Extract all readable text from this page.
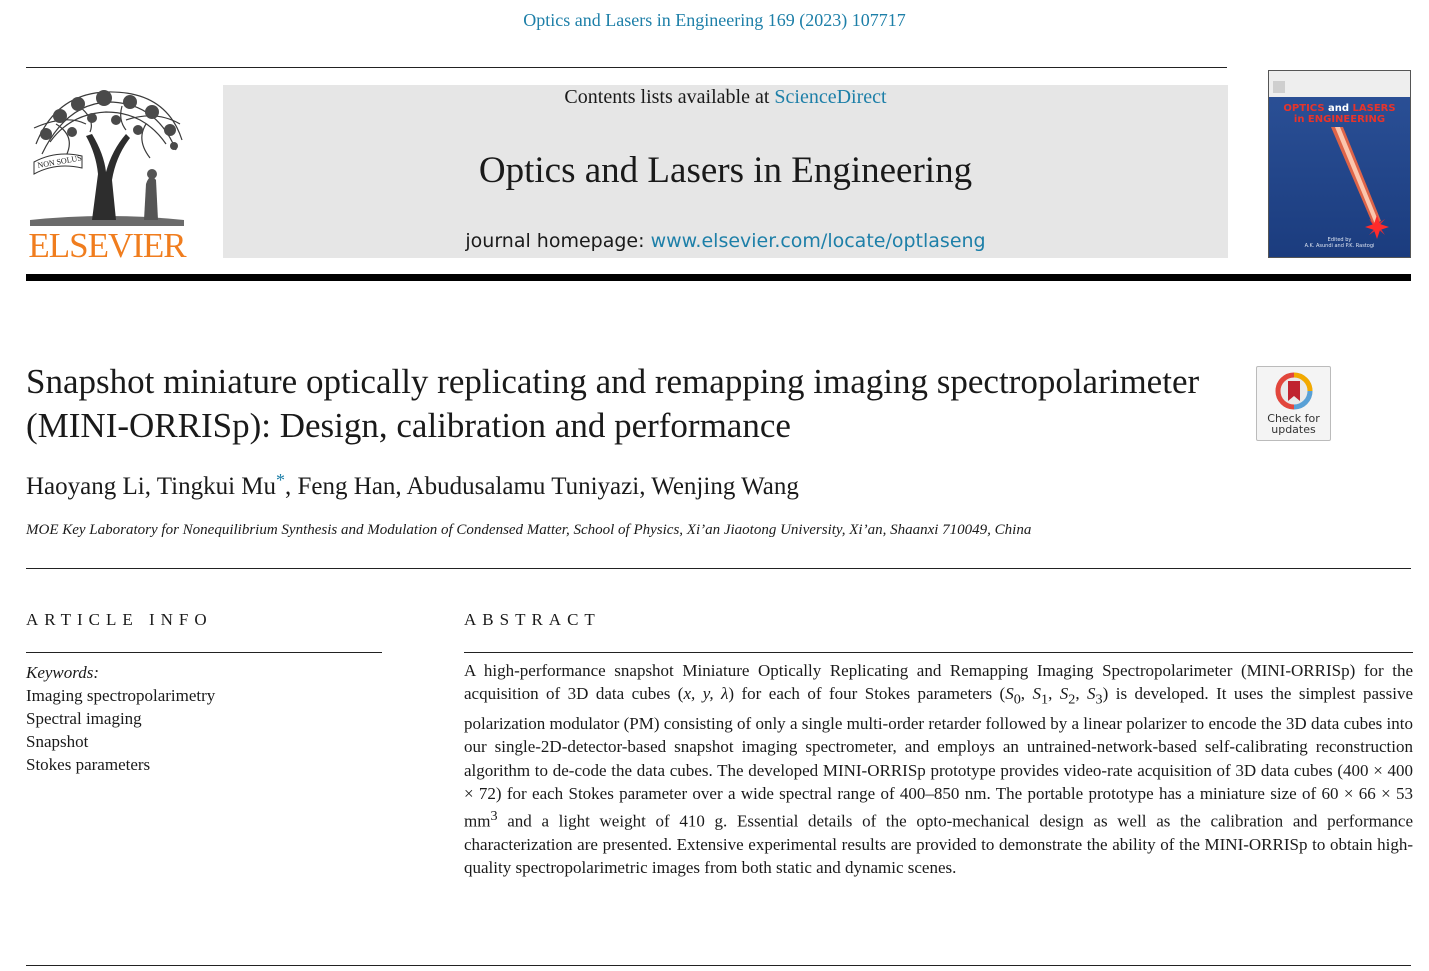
Optics and Lasers in Engineering 169 (2023) 107717
NON SOLUS
ELSEVIER
Contents lists available at ScienceDirect
Optics and Lasers in Engineering
journal homepage: www.elsevier.com/locate/optlaseng
OPTICS and LASERS
in ENGINEERING
Edited by
A.K. Asundi and P.K. Rastogi
Snapshot miniature optically replicating and remapping imaging spectropolarimeter (MINI-ORRISp): Design, calibration and performance	Check for
updates
Haoyang Li, Tingkui Mu*, Feng Han, Abudusalamu Tuniyazi, Wenjing Wang
MOE Key Laboratory for Nonequilibrium Synthesis and Modulation of Condensed Matter, School of Physics, Xi’an Jiaotong University, Xi’an, Shaanxi 710049, China
ARTICLE INFO	ABSTRACT
Keywords:
Imaging spectropolarimetry
Spectral imaging
Snapshot
Stokes parameters

A high-performance snapshot Miniature Optically Replicating and Remapping Imaging Spectropolarimeter (MINI-ORRISp) for the acquisition of 3D data cubes (x, y, λ) for each of four Stokes parameters ($S_0$, $S_1$, $S_2$, $S_3$) is developed. It uses the simplest passive polarization modulator (PM) consisting of only a single multi-order retarder followed by a linear polarizer to encode the 3D data cubes into our single-2D-detector-based snapshot imaging spectrometer, and employs an untrained-network-based self-calibrating reconstruction algorithm to de-code the data cubes. The developed MINI-ORRISp prototype provides video-rate acquisition of 3D data cubes (400 × 400 × 72) for each Stokes parameter over a wide spectral range of 400–850 nm. The portable prototype has a miniature size of 60 × 66 × 53 $mm^3$ and a light weight of 410 g. Essential details of the opto-mechanical design as well as the calibration and performance characterization are presented. Extensive experimental results are provided to demonstrate the ability of the MINI-ORRISp to obtain high-quality spectropolarimetric images from both static and dynamic scenes.
